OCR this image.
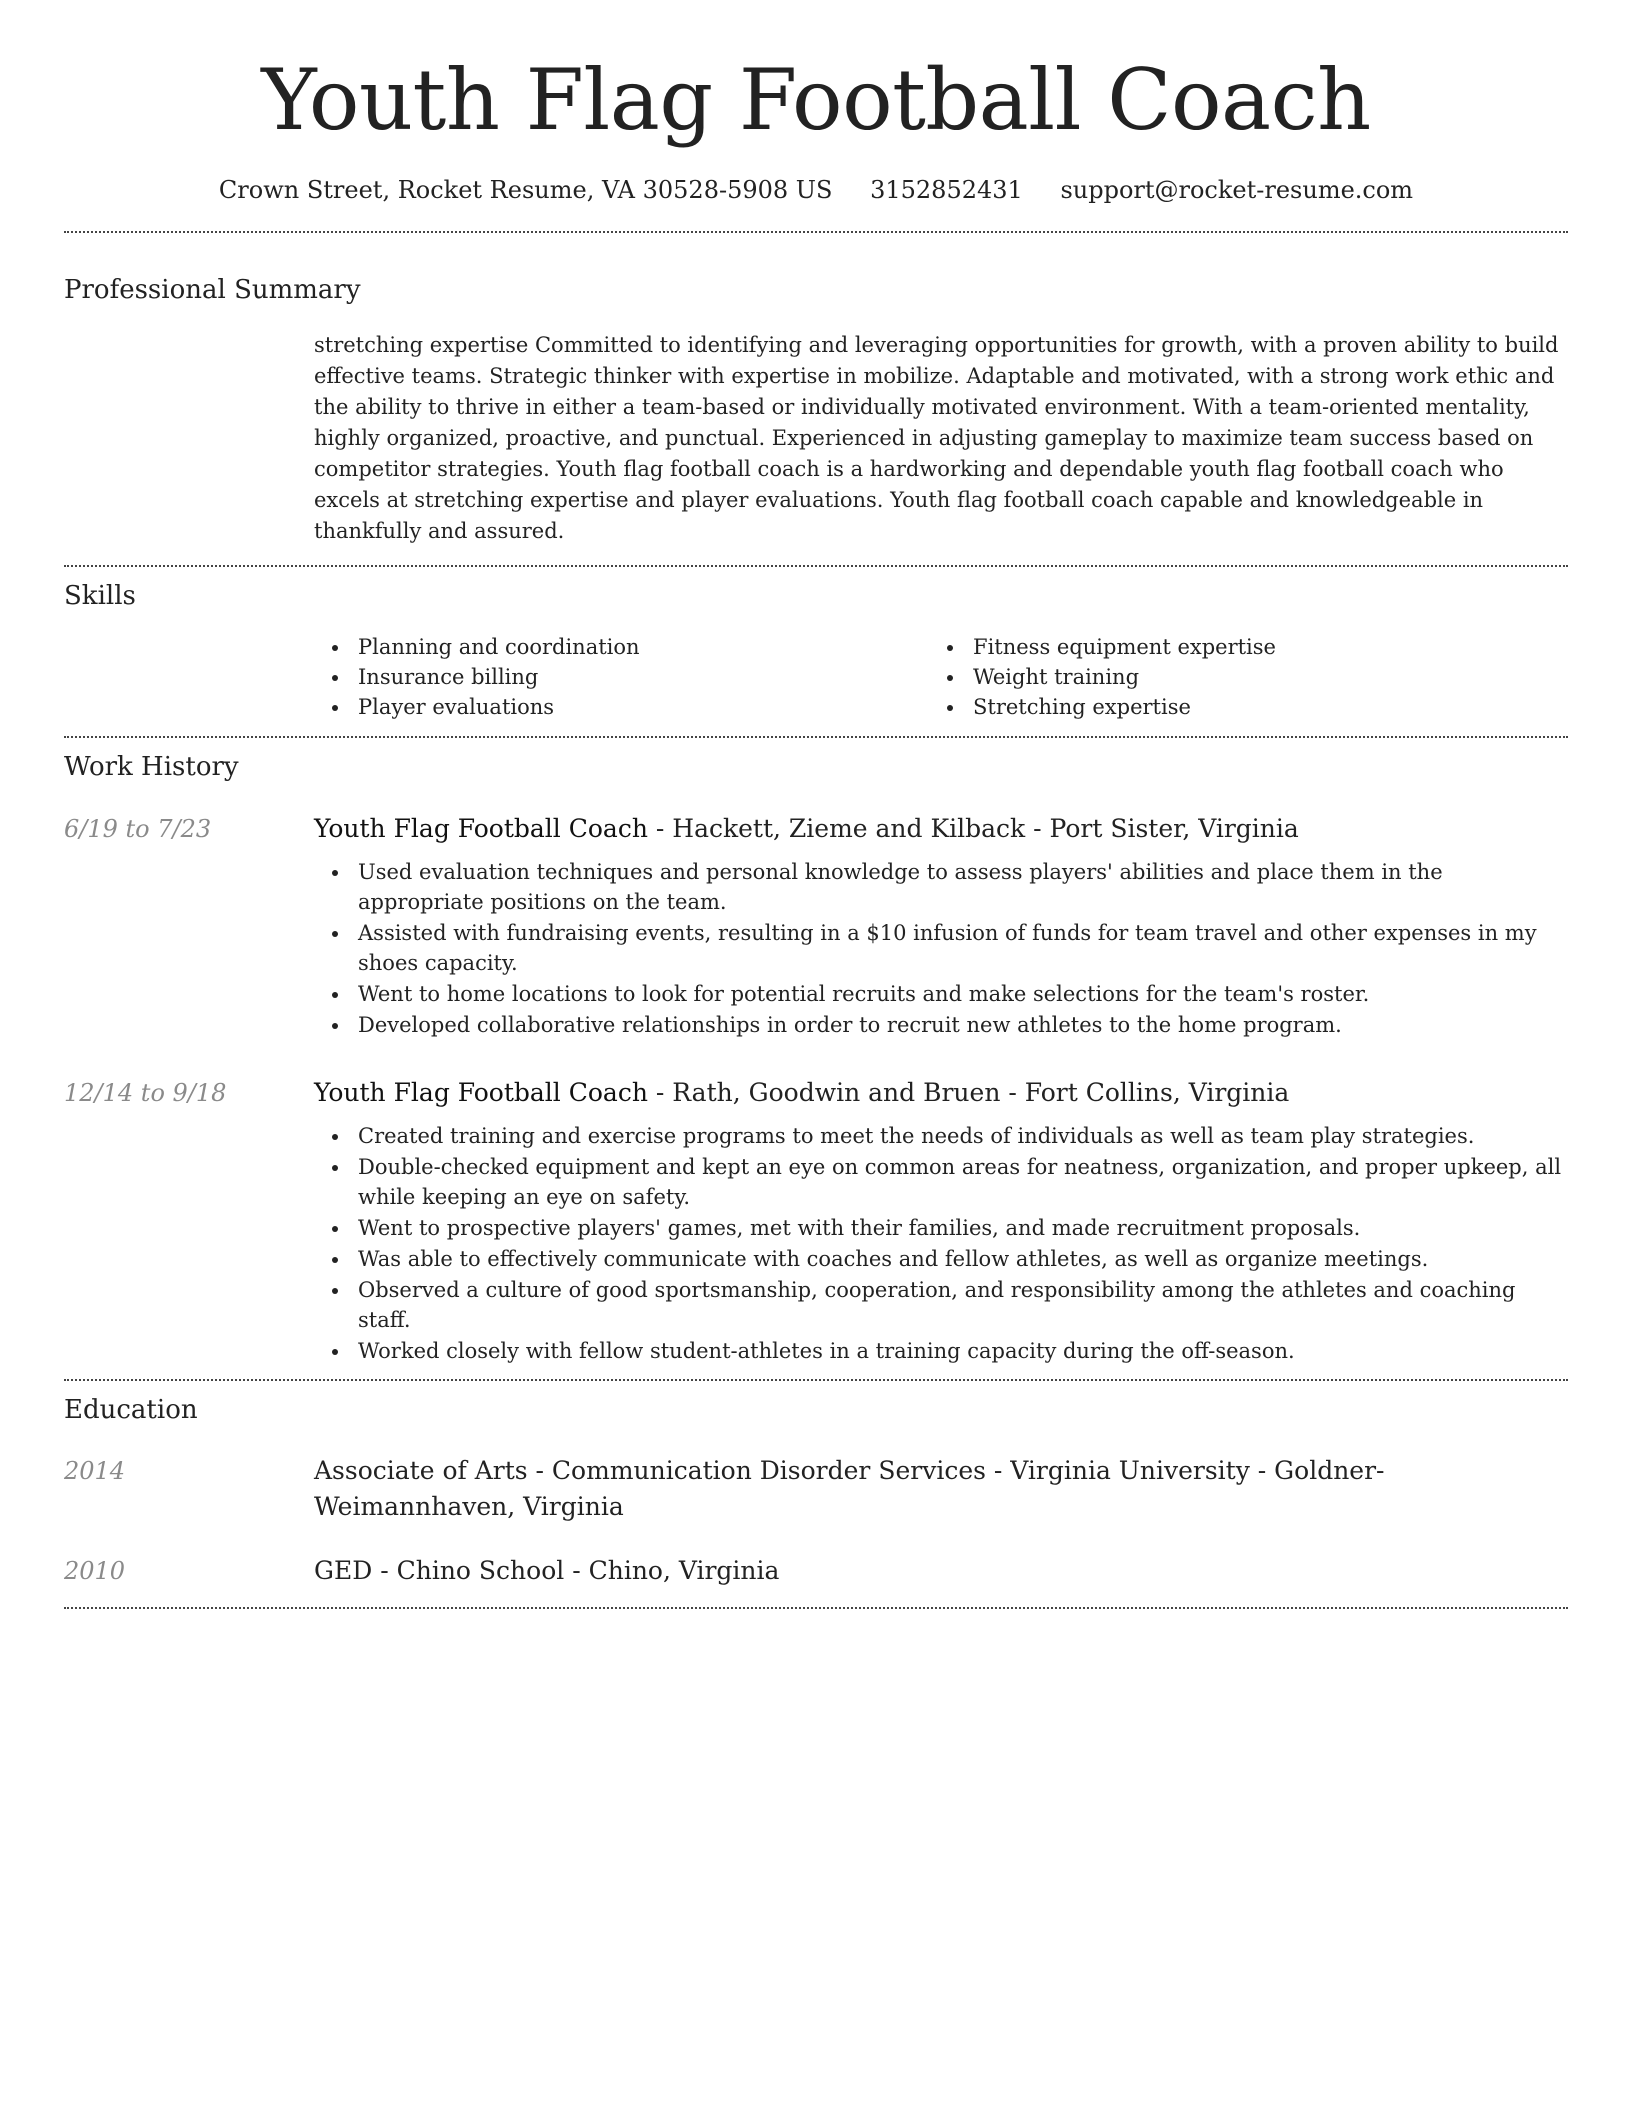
Youth Flag Football Coach
Crown Street, Rocket Resume, VA 30528-5908 US 3152852431 support@rocket-resume.com
Professional Summary

stretching expertise Committed to identifying and leveraging opportunities for growth, with a proven ability to build effective teams. Strategic thinker with expertise in mobilize. Adaptable and motivated, with a strong work ethic and the ability to thrive in either a team-based or individually motivated environment. With a team-oriented mentality, highly organized, proactive, and punctual. Experienced in adjusting gameplay to maximize team success based on competitor strategies. Youth flag football coach is a hardworking and dependable youth flag football coach who excels at stretching expertise and player evaluations. Youth flag football coach capable and knowledgeable in thankfully and assured.

Skills
Planning and coordination
Insurance billing
Player evaluations
Fitness equipment expertise
Weight training
Stretching expertise
Work History
6/19 to 7/23	Youth Flag Football Coach - Hackett, Zieme and Kilback - Port Sister, Virginia
Used evaluation techniques and personal knowledge to assess players' abilities and place them in the appropriate positions on the team.
Assisted with fundraising events, resulting in a $10 infusion of funds for team travel and other expenses in my shoes capacity.
Went to home locations to look for potential recruits and make selections for the team's roster.
Developed collaborative relationships in order to recruit new athletes to the home program.
12/14 to 9/18	Youth Flag Football Coach - Rath, Goodwin and Bruen - Fort Collins, Virginia
Created training and exercise programs to meet the needs of individuals as well as team play strategies.
Double-checked equipment and kept an eye on common areas for neatness, organization, and proper upkeep, all while keeping an eye on safety.
Went to prospective players' games, met with their families, and made recruitment proposals.
Was able to effectively communicate with coaches and fellow athletes, as well as organize meetings.
Observed a culture of good sportsmanship, cooperation, and responsibility among the athletes and coaching staff.
Worked closely with fellow student-athletes in a training capacity during the off-season.
Education
2014	Associate of Arts - Communication Disorder Services - Virginia University - Goldner-Weimannhaven, Virginia
2010	GED - Chino School - Chino, Virginia
